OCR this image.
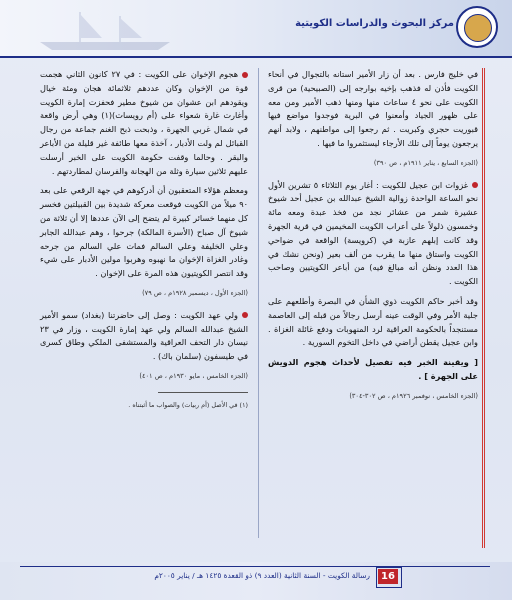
مركز البحوث والدراسات الكويتية

في خليج فارس . بعد أن زار الأمير استانه بالتجوال في أنحاء الكويت فأذن له فذهب بإخيه بوارجه إلى (الصبيحية) من قرى الكويت على نحو ٤ ساعات منها ومنها ذهب الأمير ومن معه على ظهور الجياد وأمعنوا في البرية فوجدوا مواضع فيها قبوريت حجري وكبريت . ثم رجعوا إلى مواطنهم ، ولابد أنهم يرجعون يوماً إلى تلك الأرجاء ليستثمروا ما فيها .

(الجزء السابع ، يناير ١٩١١م ، ص ٣٩٠)

غزوات ابن عجيل للكويت : أغار يوم الثلاثاء ٥ تشرين الأول نحو الساعة الواحدة زوالية الشيخ عبدالله بن عجيل أحد شيوخ عشيرة شمر من عشائر نجد من فخذ عبدة ومعه مائة وخمسون ذلولاً على أعراب الكويت المخيمين في قرية الجهرة وقد كانت إبلهم عازبة في (كرويسة) الواقعة في ضواحي الكويت واستاق منها ما يقرب من ألف بعير (ونحن نشك في هذا العدد ونظن أنه مبالغ فيه) من أباعر الكويتيين وصاحب الكويت .

وقد أخبر حاكم الكويت ذوي الشأن في البصرة وأطلعهم على جلية الأمر وفي الوقت عينه أرسل رجالاً من قبله إلى العاصمة مستنجداً بالحكومة العراقية لرد المنهوبات ودفع غائلة الغزاة . وابن عجيل يقطن أراضي في داخل التخوم السورية .

[ ويقينة الخبر فيه تفصيل لأحداث هجوم الدويش على الجهرة ] .

(الجزء الخامس ، نوفمبر ١٩٢٦م ، ص ٣٠٢-٣٠٤)

هجوم الإخوان على الكويت : في ٢٧ كانون الثاني هجمت قوة من الإخوان وكان عددهم ثلاثمائة هجان ومئة خيال ويقودهم ابن عشوان من شيوخ مطير فحفزت إمارة الكويت وأغارت غارة شعواء على (أم رويسات)(١) وهي أرض واقعة في شمال غربي الجهرة ، وذبحت ذبح الغنم جماعة من رجال القبائل لم ولت الأدبار ، آخذة معها طائفة غير قليلة من الأباعر والبقر . وحالما وقفت حكومة الكويت على الخبر أرسلت عليهم ثلاثين سيارة وثلة من الهجانة والفرسان لمطاردتهم .

ومعظم هؤلاء المتعقبون أن أدركوهم في جهة الرقعي على بعد ٩٠ ميلاً من الكويت فوقعت معركة شديدة بين القبيلتين فخسر كل منهما خسائر كبيرة لم يتضح إلى الآن عددها إلا أن ثلاثة من شيوخ آل صباح (الأسرة المالكة) جرحوا ، وهم عبدالله الجابر وعلي الخليفة وعلي السالم فمات علي السالم من جرحه وغادر الغزاة الإخوان ما نهبوه وهربوا مولين الأدبار على شيء وقد انتصر الكويتيون هذه المرة على الإخوان .

(الجزء الأول ، ديسمبر ١٩٢٨م ، ص ٧٩)

ولي عهد الكويت : وصل إلى حاضرتنا (بغداد) سمو الأمير الشيخ عبدالله السالم ولي عهد إمارة الكويت ، وزار في ٢٣ نيسان دار التحف العراقية والمستشفى الملكي وطاق كسرى في طيسفون (سلمان باك) .

(الجزء الخامس ، مايو ١٩٣٠م ، ص ٤٠١)

(١) في الأصل (أم ربيات) والصواب ما أثبتناه .

16
رسالة الكويت - السنة الثانية (العدد ٩) ذو القعدة ١٤٢٥ هـ / يناير ٢٠٠٥م
